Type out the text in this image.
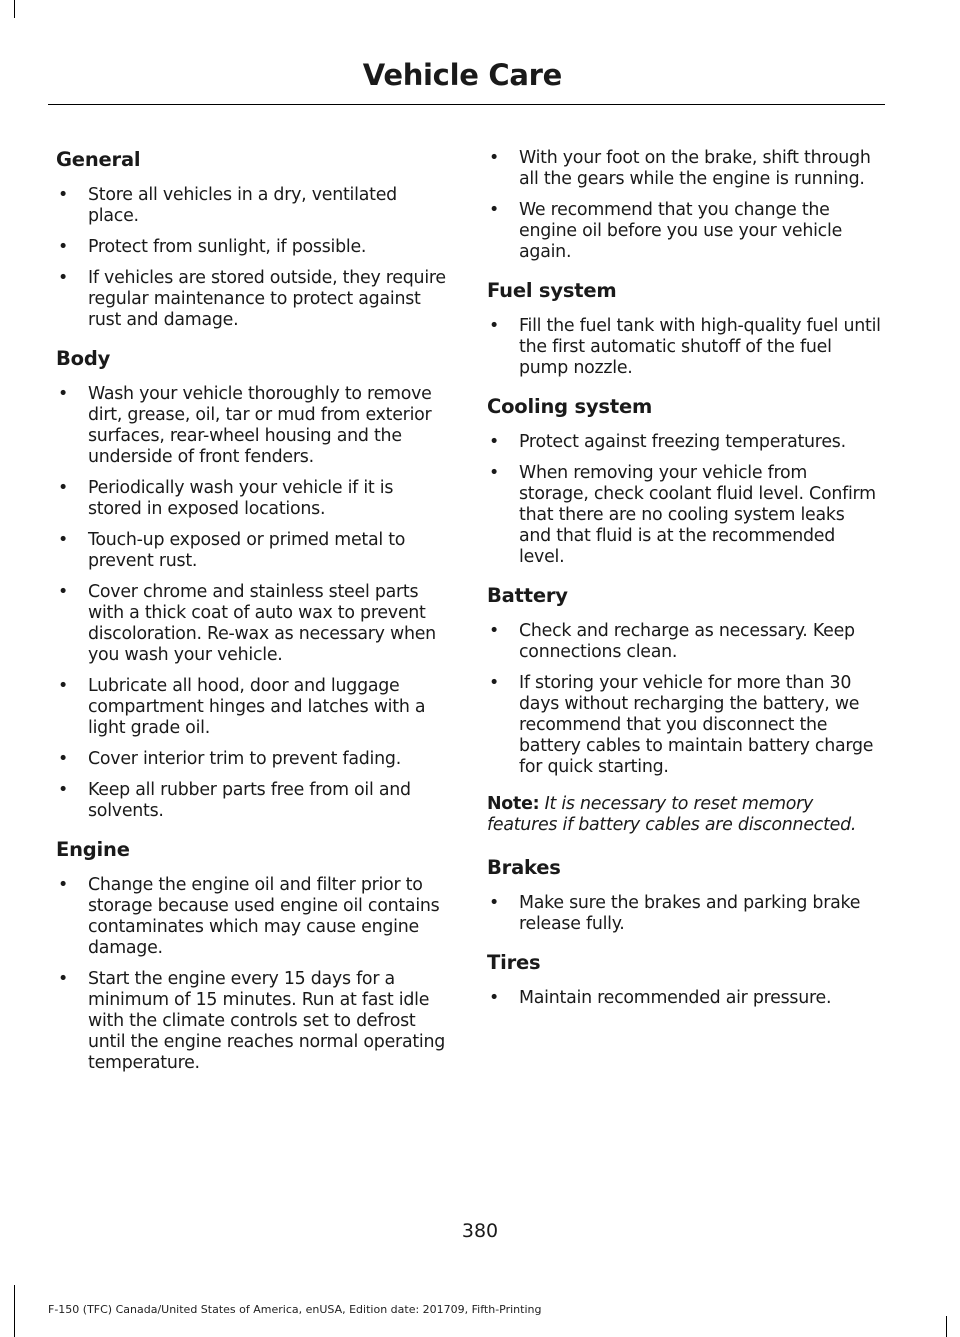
Vehicle Care
General
• Store all vehicles in a dry, ventilated place.
• Protect from sunlight, if possible.
• If vehicles are stored outside, they require regular maintenance to protect against rust and damage.
Body
• Wash your vehicle thoroughly to remove dirt, grease, oil, tar or mud from exterior surfaces, rear-wheel housing and the underside of front fenders.
• Periodically wash your vehicle if it is stored in exposed locations.
• Touch-up exposed or primed metal to prevent rust.
• Cover chrome and stainless steel parts with a thick coat of auto wax to prevent discoloration. Re-wax as necessary when you wash your vehicle.
• Lubricate all hood, door and luggage compartment hinges and latches with a light grade oil.
• Cover interior trim to prevent fading.
• Keep all rubber parts free from oil and solvents.
Engine
• Change the engine oil and filter prior to storage because used engine oil contains contaminates which may cause engine damage.
• Start the engine every 15 days for a minimum of 15 minutes. Run at fast idle with the climate controls set to defrost until the engine reaches normal operating temperature.
• With your foot on the brake, shift through all the gears while the engine is running.
• We recommend that you change the engine oil before you use your vehicle again.
Fuel system
• Fill the fuel tank with high-quality fuel until the first automatic shutoff of the fuel pump nozzle.
Cooling system
• Protect against freezing temperatures.
• When removing your vehicle from storage, check coolant fluid level. Confirm that there are no cooling system leaks and that fluid is at the recommended level.
Battery
• Check and recharge as necessary. Keep connections clean.
• If storing your vehicle for more than 30 days without recharging the battery, we recommend that you disconnect the battery cables to maintain battery charge for quick starting.

Note: It is necessary to reset memory features if battery cables are disconnected.

Brakes
• Make sure the brakes and parking brake release fully.
Tires
• Maintain recommended air pressure.
380
F-150 (TFC) Canada/United States of America, enUSA, Edition date: 201709, Fifth-Printing
